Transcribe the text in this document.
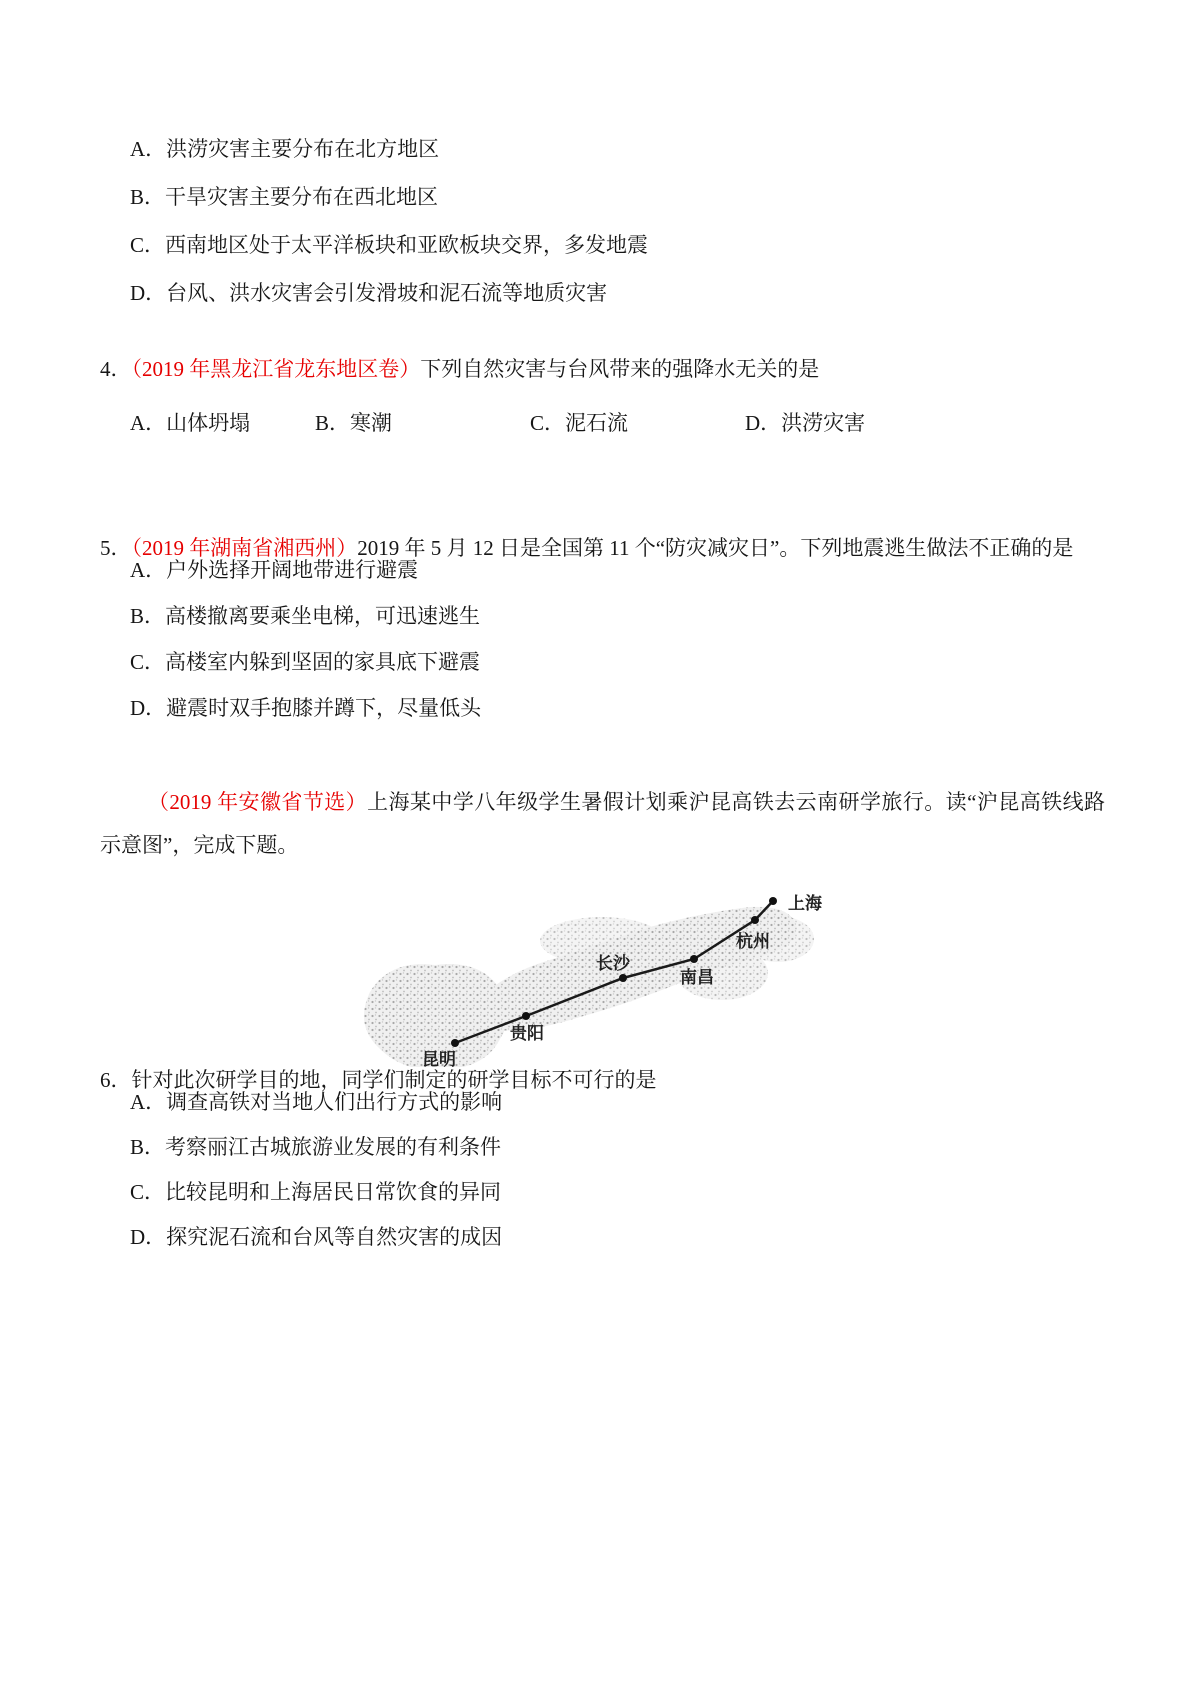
A．洪涝灾害主要分布在北方地区
B．干旱灾害主要分布在西北地区
C．西南地区处于太平洋板块和亚欧板块交界，多发地震
D．台风、洪水灾害会引发滑坡和泥石流等地质灾害
4．（2019 年黑龙江省龙东地区卷）下列自然灾害与台风带来的强降水无关的是
A．山体坍塌	B．寒潮	C．泥石流	D．洪涝灾害
5．（2019 年湖南省湘西州）2019 年 5 月 12 日是全国第 11 个“防灾减灾日”。下列地震逃生做法不正确的是
A．户外选择开阔地带进行避震
B．高楼撤离要乘坐电梯，可迅速逃生
C．高楼室内躲到坚固的家具底下避震
D．避震时双手抱膝并蹲下，尽量低头
（2019 年安徽省节选）上海某中学八年级学生暑假计划乘沪昆高铁去云南研学旅行。读“沪昆高铁线路示意图”，完成下题。
昆明
贵阳
长沙
南昌
杭州
上海
6．针对此次研学目的地，同学们制定的研学目标不可行的是
A．调查高铁对当地人们出行方式的影响
B．考察丽江古城旅游业发展的有利条件
C．比较昆明和上海居民日常饮食的异同
D．探究泥石流和台风等自然灾害的成因
